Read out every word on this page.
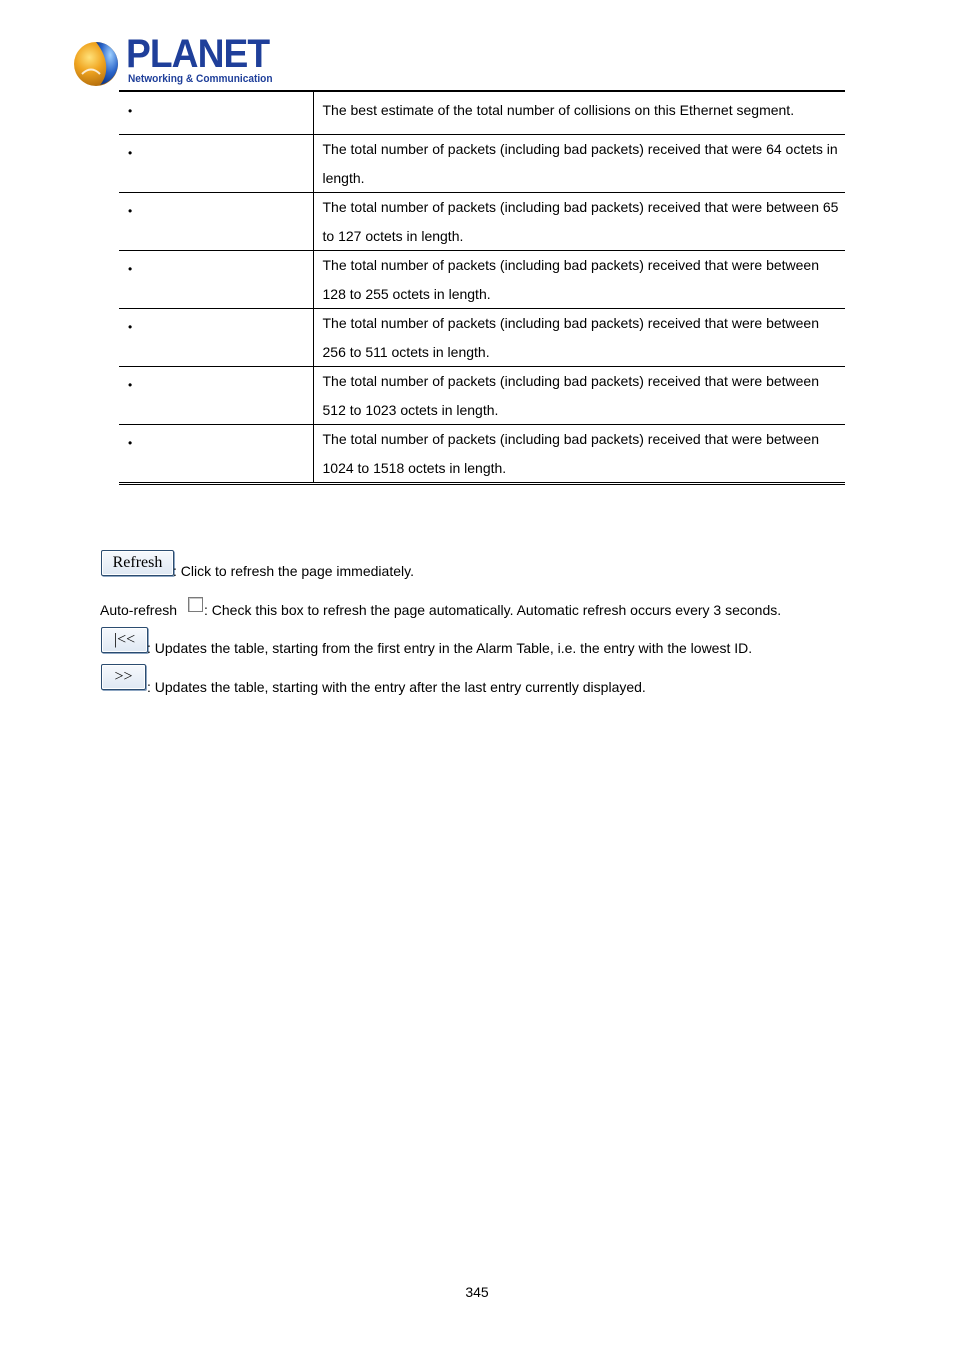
PLANET
Networking & Communication
•	The best estimate of the total number of collisions on this Ethernet segment.
•	The total number of packets (including bad packets) received that were 64 octets in length.
•	The total number of packets (including bad packets) received that were between 65 to 127 octets in length.
•	The total number of packets (including bad packets) received that were between 128 to 255 octets in length.
•	The total number of packets (including bad packets) received that were between 256 to 511 octets in length.
•	The total number of packets (including bad packets) received that were between 512 to 1023 octets in length.
•	The total number of packets (including bad packets) received that were between 1024 to 1518 octets in length.
Refresh : Click to refresh the page immediately.
Auto-refresh : Check this box to refresh the page automatically. Automatic refresh occurs every 3 seconds.
|<< : Updates the table, starting from the first entry in the Alarm Table, i.e. the entry with the lowest ID.
>>
: Updates the table, starting with the entry after the last entry currently displayed.
345
